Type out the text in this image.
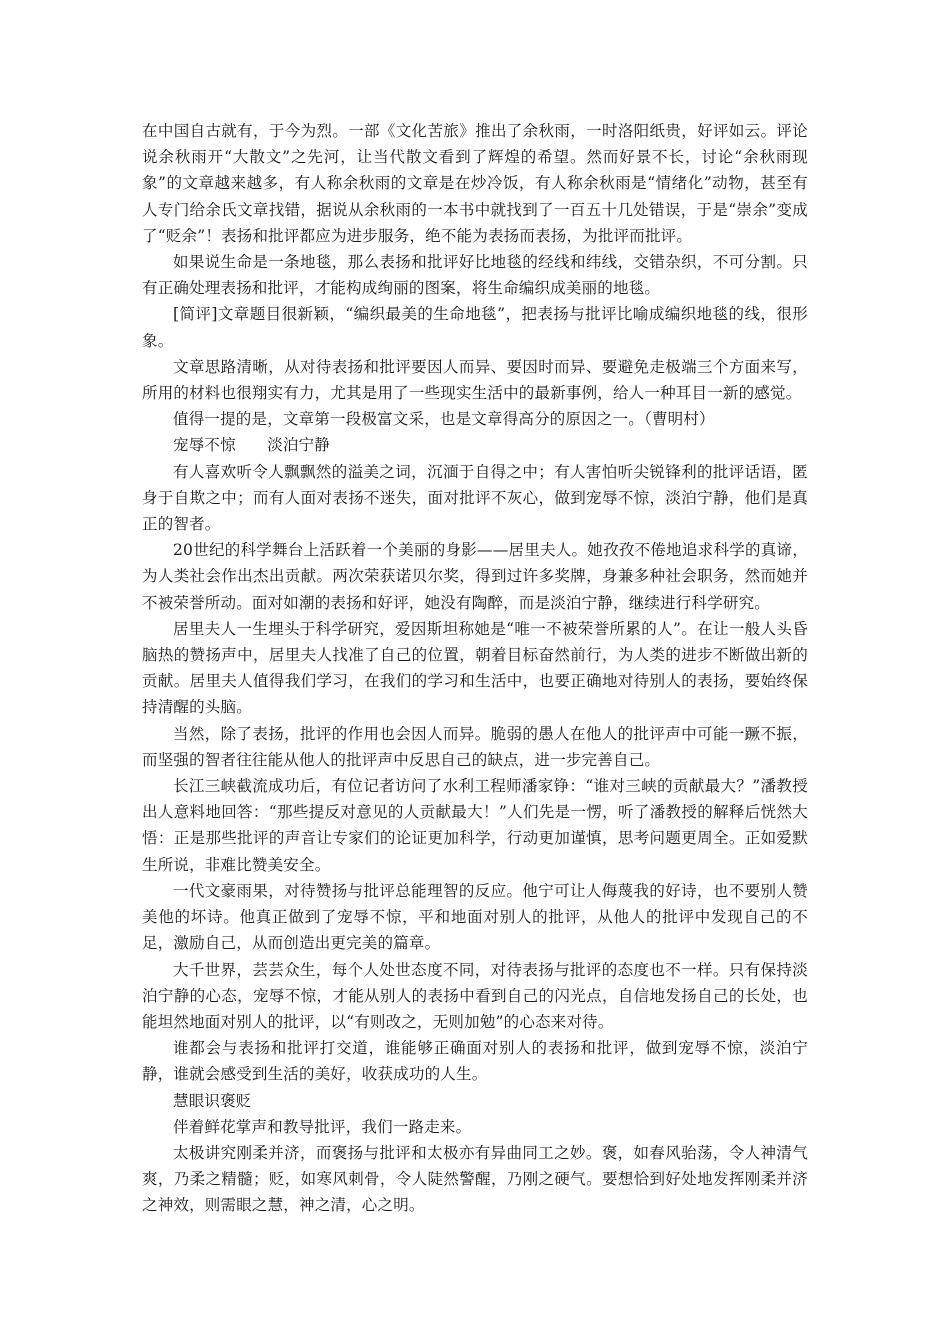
在中国自古就有，于今为烈。一部《文化苦旅》推出了余秋雨，一时洛阳纸贵，好评如云。评论说余秋雨开“大散文”之先河，让当代散文看到了辉煌的希望。然而好景不长，讨论“余秋雨现象”的文章越来越多，有人称余秋雨的文章是在炒冷饭，有人称余秋雨是“情绪化”动物，甚至有人专门给余氏文章找错，据说从余秋雨的一本书中就找到了一百五十几处错误，于是“崇余”变成了“贬余”！表扬和批评都应为进步服务，绝不能为表扬而表扬，为批评而批评。

如果说生命是一条地毯，那么表扬和批评好比地毯的经线和纬线，交错杂织，不可分割。只有正确处理表扬和批评，才能构成绚丽的图案，将生命编织成美丽的地毯。

[简评]文章题目很新颖，“编织最美的生命地毯”，把表扬与批评比喻成编织地毯的线，很形象。

文章思路清晰，从对待表扬和批评要因人而异、要因时而异、要避免走极端三个方面来写，所用的材料也很翔实有力，尤其是用了一些现实生活中的最新事例，给人一种耳目一新的感觉。

值得一提的是，文章第一段极富文采，也是文章得高分的原因之一。（曹明村）

宠辱不惊　　淡泊宁静

有人喜欢听令人飘飘然的溢美之词，沉湎于自得之中；有人害怕听尖锐锋利的批评话语，匿身于自欺之中；而有人面对表扬不迷失，面对批评不灰心，做到宠辱不惊，淡泊宁静，他们是真正的智者。

20世纪的科学舞台上活跃着一个美丽的身影——居里夫人。她孜孜不倦地追求科学的真谛，为人类社会作出杰出贡献。两次荣获诺贝尔奖，得到过许多奖牌，身兼多种社会职务，然而她并不被荣誉所动。面对如潮的表扬和好评，她没有陶醉，而是淡泊宁静，继续进行科学研究。

居里夫人一生埋头于科学研究，爱因斯坦称她是“唯一不被荣誉所累的人”。在让一般人头昏脑热的赞扬声中，居里夫人找准了自己的位置，朝着目标奋然前行，为人类的进步不断做出新的贡献。居里夫人值得我们学习，在我们的学习和生活中，也要正确地对待别人的表扬，要始终保持清醒的头脑。

当然，除了表扬，批评的作用也会因人而异。脆弱的愚人在他人的批评声中可能一蹶不振，而坚强的智者往往能从他人的批评声中反思自己的缺点，进一步完善自己。

长江三峡截流成功后，有位记者访问了水利工程师潘家铮：“谁对三峡的贡献最大？”潘教授出人意料地回答：“那些提反对意见的人贡献最大！”人们先是一愣，听了潘教授的解释后恍然大悟：正是那些批评的声音让专家们的论证更加科学，行动更加谨慎，思考问题更周全。正如爱默生所说，非难比赞美安全。

一代文豪雨果，对待赞扬与批评总能理智的反应。他宁可让人侮蔑我的好诗，也不要别人赞美他的坏诗。他真正做到了宠辱不惊，平和地面对别人的批评，从他人的批评中发现自己的不足，激励自己，从而创造出更完美的篇章。

大千世界，芸芸众生，每个人处世态度不同，对待表扬与批评的态度也不一样。只有保持淡泊宁静的心态，宠辱不惊，才能从别人的表扬中看到自己的闪光点，自信地发扬自己的长处，也能坦然地面对别人的批评，以“有则改之，无则加勉”的心态来对待。

谁都会与表扬和批评打交道，谁能够正确面对别人的表扬和批评，做到宠辱不惊，淡泊宁静，谁就会感受到生活的美好，收获成功的人生。

慧眼识褒贬

伴着鲜花掌声和教导批评，我们一路走来。

太极讲究刚柔并济，而褒扬与批评和太极亦有异曲同工之妙。褒，如春风骀荡，令人神清气爽，乃柔之精髓；贬，如寒风刺骨，令人陡然警醒，乃刚之硬气。要想恰到好处地发挥刚柔并济之神效，则需眼之慧，神之清，心之明。
